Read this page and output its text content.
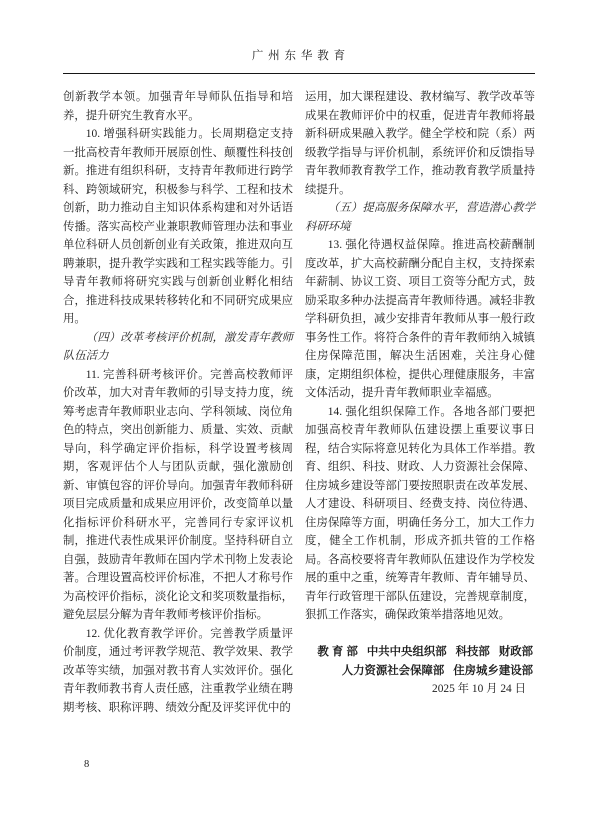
广 州 东 华 教 育

创新教学本领。加强青年导师队伍指导和培养，提升研究生教育水平。

10. 增强科研实践能力。长周期稳定支持一批高校青年教师开展原创性、颠覆性科技创新。推进有组织科研，支持青年教师进行跨学科、跨领域研究，积极参与科学、工程和技术创新，助力推动自主知识体系构建和对外话语传播。落实高校产业兼职教师管理办法和事业单位科研人员创新创业有关政策，推进双向互聘兼职，提升教学实践和工程实践等能力。引导青年教师将研究实践与创新创业孵化相结合，推进科技成果转移转化和不同研究成果应用。

（四）改革考核评价机制，激发青年教师队伍活力

11. 完善科研考核评价。完善高校教师评价改革，加大对青年教师的引导支持力度，统筹考虑青年教师职业志向、学科领域、岗位角色的特点，突出创新能力、质量、实效、贡献导向，科学确定评价指标，科学设置考核周期，客观评估个人与团队贡献，强化激励创新、审慎包容的评价导向。加强青年教师科研项目完成质量和成果应用评价，改变简单以量化指标评价科研水平，完善同行专家评议机制，推进代表性成果评价制度。坚持科研自立自强，鼓励青年教师在国内学术刊物上发表论著。合理设置高校评价标准，不把人才称号作为高校评价指标，淡化论文和奖项数量指标，避免层层分解为青年教师考核评价指标。

12. 优化教育教学评价。完善教学质量评价制度，通过考评教学规范、教学效果、教学改革等实绩，加强对教书育人实效评价。强化青年教师教书育人责任感，注重教学业绩在聘期考核、职称评聘、绩效分配及评奖评优中的

运用，加大课程建设、教材编写、教学改革等成果在教师评价中的权重，促进青年教师将最新科研成果融入教学。健全学校和院（系）两级教学指导与评价机制，系统评价和反馈指导青年教师教育教学工作，推动教育教学质量持续提升。

（五）提高服务保障水平，营造潜心教学科研环境

13. 强化待遇权益保障。推进高校薪酬制度改革，扩大高校薪酬分配自主权，支持探索年薪制、协议工资、项目工资等分配方式，鼓励采取多种办法提高青年教师待遇。减轻非教学科研负担，减少安排青年教师从事一般行政事务性工作。将符合条件的青年教师纳入城镇住房保障范围，解决生活困难，关注身心健康，定期组织体检，提供心理健康服务，丰富文体活动，提升青年教师职业幸福感。

14. 强化组织保障工作。各地各部门要把加强高校青年教师队伍建设摆上重要议事日程，结合实际将意见转化为具体工作举措。教育、组织、科技、财政、人力资源社会保障、住房城乡建设等部门要按照职责在改革发展、人才建设、科研项目、经费支持、岗位待遇、住房保障等方面，明确任务分工，加大工作力度，健全工作机制，形成齐抓共管的工作格局。各高校要将青年教师队伍建设作为学校发展的重中之重，统筹青年教师、青年辅导员、青年行政管理干部队伍建设，完善规章制度，狠抓工作落实，确保政策举措落地见效。

教 育 部 中共中央组织部 科技部 财政部
人力资源社会保障部 住房城乡建设部
2025 年 10 月 24 日
8
